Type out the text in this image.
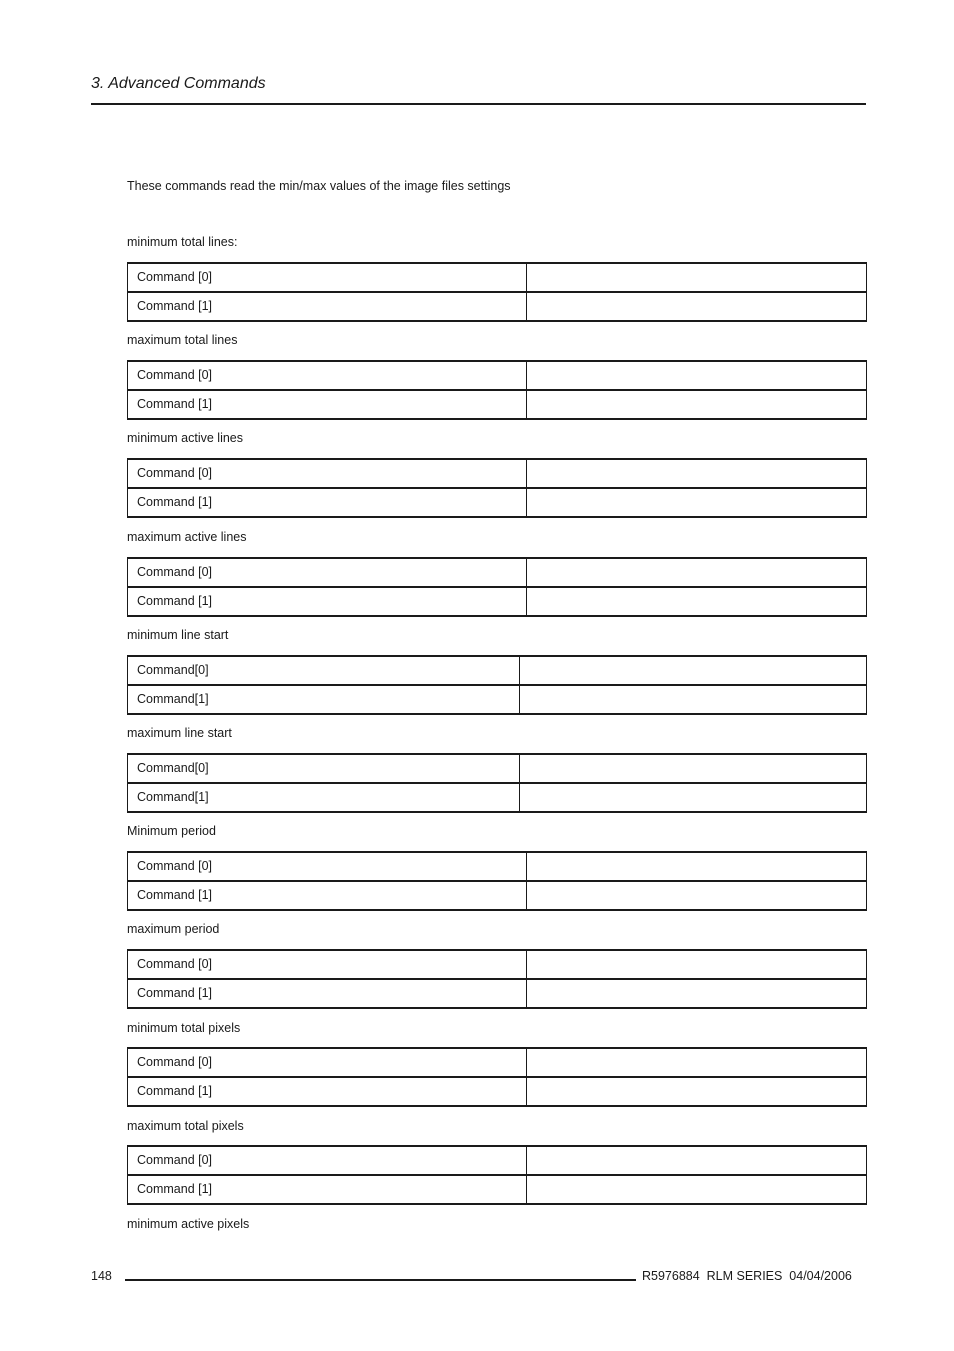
3. Advanced Commands
These commands read the min/max values of the image files settings
minimum total lines:
Command [0]
Command [1]
maximum total lines
Command [0]
Command [1]
minimum active lines
Command [0]
Command [1]
maximum active lines
Command [0]
Command [1]
minimum line start
Command[0]
Command[1]
maximum line start
Command[0]
Command[1]
Minimum period
Command [0]
Command [1]
maximum period
Command [0]
Command [1]
minimum total pixels
Command [0]
Command [1]
maximum total pixels
Command [0]
Command [1]
minimum active pixels
148	R5976884  RLM SERIES  04/04/2006
